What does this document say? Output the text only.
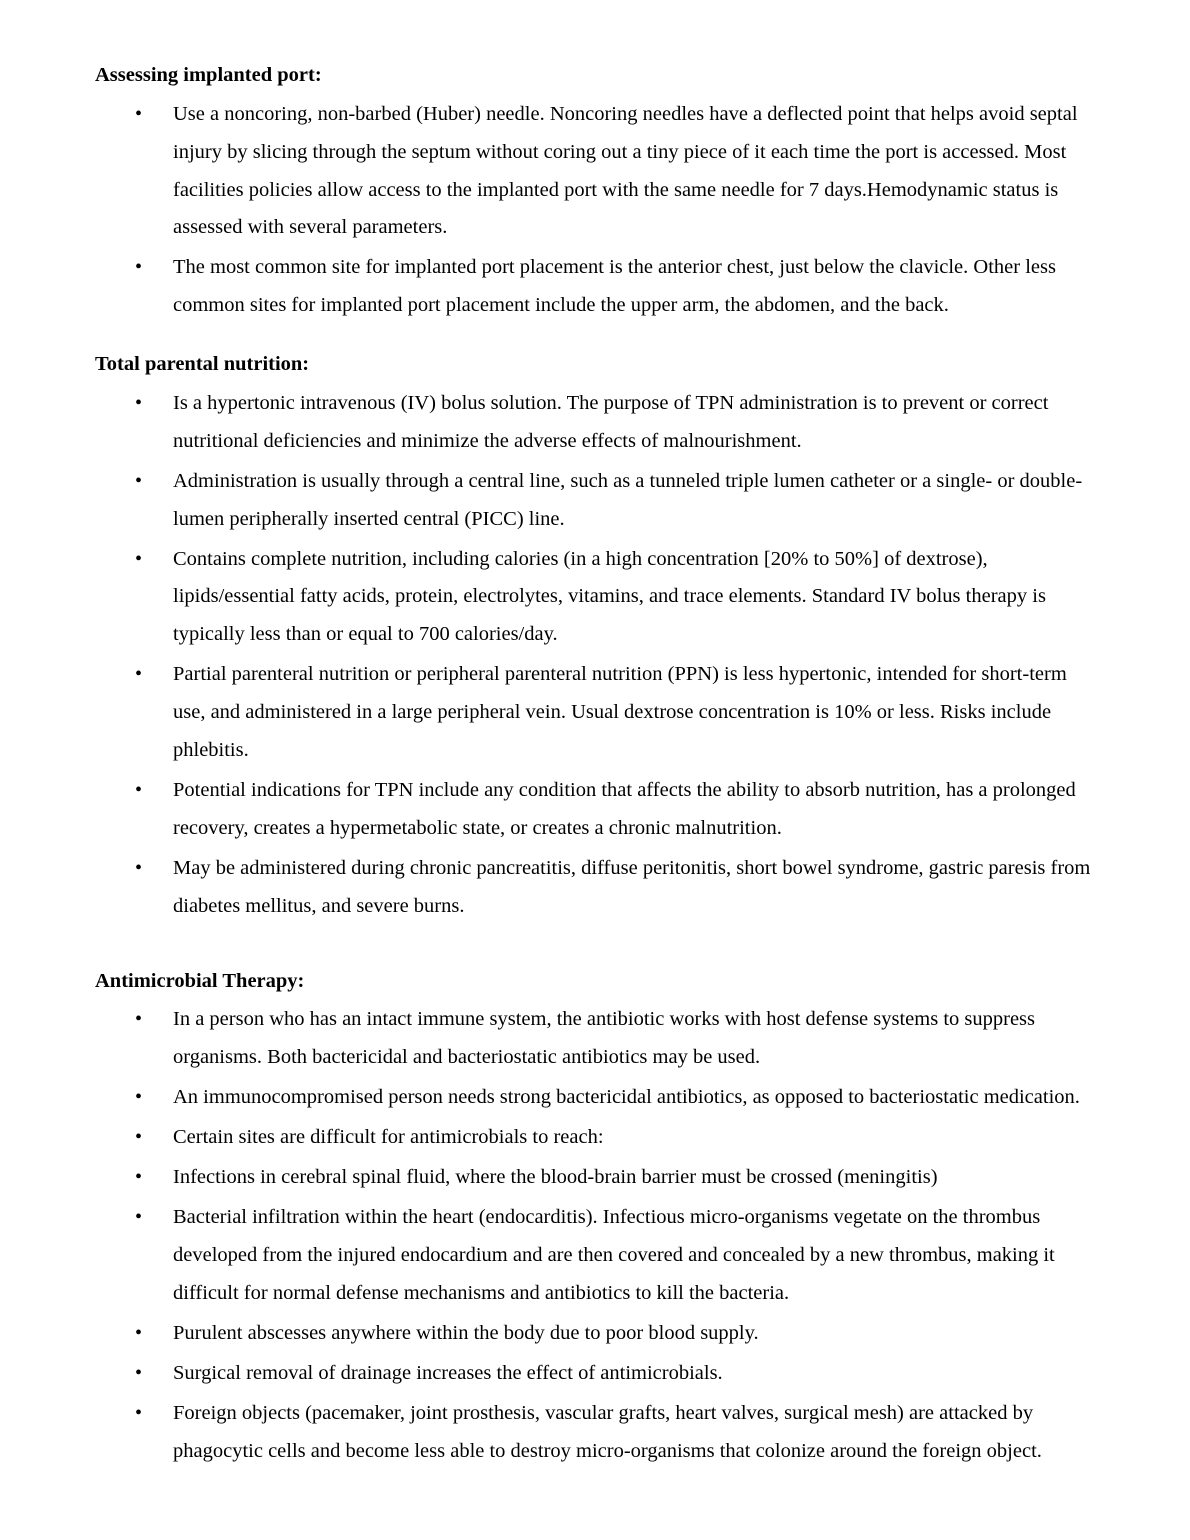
Assessing implanted port:

• Use a noncoring, non-barbed (Huber) needle. Noncoring needles have a deflected point that helps avoid septal injury by slicing through the septum without coring out a tiny piece of it each time the port is accessed. Most facilities policies allow access to the implanted port with the same needle for 7 days.Hemodynamic status is assessed with several parameters.
• The most common site for implanted port placement is the anterior chest, just below the clavicle. Other less common sites for implanted port placement include the upper arm, the abdomen, and the back.

Total parental nutrition:

• Is a hypertonic intravenous (IV) bolus solution. The purpose of TPN administration is to prevent or correct nutritional deficiencies and minimize the adverse effects of malnourishment.
• Administration is usually through a central line, such as a tunneled triple lumen catheter or a single- or double-lumen peripherally inserted central (PICC) line.
• Contains complete nutrition, including calories (in a high concentration [20% to 50%] of dextrose), lipids/essential fatty acids, protein, electrolytes, vitamins, and trace elements. Standard IV bolus therapy is typically less than or equal to 700 calories/day.
• Partial parenteral nutrition or peripheral parenteral nutrition (PPN) is less hypertonic, intended for short-term use, and administered in a large peripheral vein. Usual dextrose concentration is 10% or less. Risks include phlebitis.
• Potential indications for TPN include any condition that affects the ability to absorb nutrition, has a prolonged recovery, creates a hypermetabolic state, or creates a chronic malnutrition.
• May be administered during chronic pancreatitis, diffuse peritonitis, short bowel syndrome, gastric paresis from diabetes mellitus, and severe burns.

Antimicrobial Therapy:

• In a person who has an intact immune system, the antibiotic works with host defense systems to suppress organisms. Both bactericidal and bacteriostatic antibiotics may be used.
• An immunocompromised person needs strong bactericidal antibiotics, as opposed to bacteriostatic medication.
• Certain sites are difficult for antimicrobials to reach:
• Infections in cerebral spinal fluid, where the blood-brain barrier must be crossed (meningitis)
• Bacterial infiltration within the heart (endocarditis). Infectious micro-organisms vegetate on the thrombus developed from the injured endocardium and are then covered and concealed by a new thrombus, making it difficult for normal defense mechanisms and antibiotics to kill the bacteria.
• Purulent abscesses anywhere within the body due to poor blood supply.
• Surgical removal of drainage increases the effect of antimicrobials.
• Foreign objects (pacemaker, joint prosthesis, vascular grafts, heart valves, surgical mesh) are attacked by phagocytic cells and become less able to destroy micro-organisms that colonize around the foreign object.
